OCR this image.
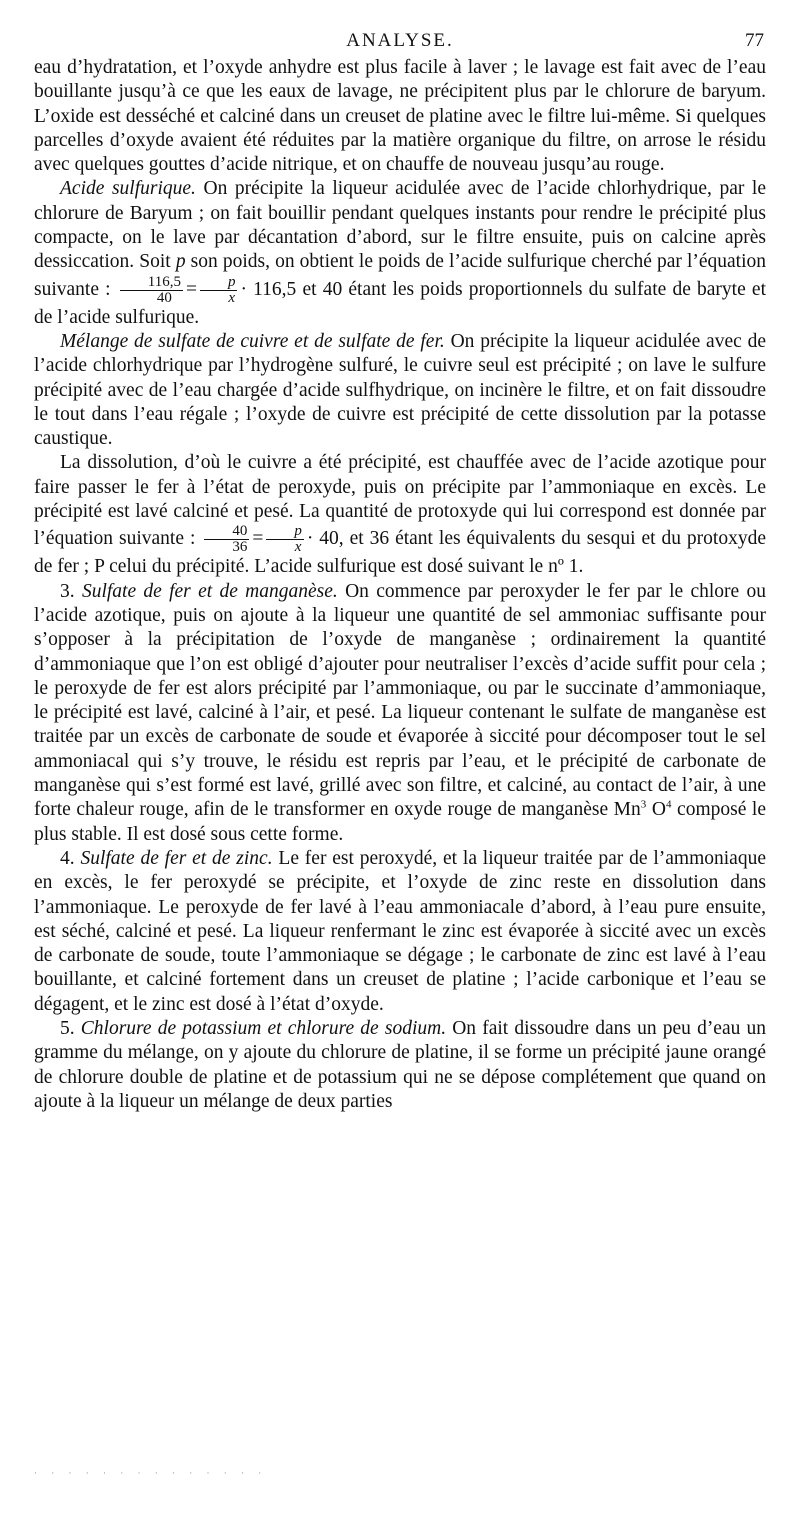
ANALYSE.	77

eau d’hydratation, et l’oxyde anhydre est plus facile à laver ; le lavage est fait avec de l’eau bouillante jusqu’à ce que les eaux de lavage, ne précipitent plus par le chlorure de baryum. L’oxide est desséché et calciné dans un creuset de platine avec le filtre lui-même. Si quelques parcelles d’oxyde avaient été réduites par la matière organique du filtre, on arrose le résidu avec quelques gouttes d’acide nitrique, et on chauffe de nouveau jusqu’au rouge.

Acide sulfurique. On précipite la liqueur acidulée avec de l’acide chlorhydrique, par le chlorure de Baryum ; on fait bouillir pendant quelques instants pour rendre le précipité plus compacte, on le lave par décantation d’abord, sur le filtre ensuite, puis on calcine après dessiccation. Soit p son poids, on obtient le poids de l’acide sulfurique cherché par l’équation suivante : $\frac{116,5}{40} = \frac{p}{x} \cdot 116,5$ et 40 étant les poids proportionnels du sulfate de baryte et de l’acide sulfurique.

Mélange de sulfate de cuivre et de sulfate de fer. On précipite la liqueur acidulée avec de l’acide chlorhydrique par l’hydrogène sulfuré, le cuivre seul est précipité ; on lave le sulfure précipité avec de l’eau chargée d’acide sulfhydrique, on incinère le filtre, et on fait dissoudre le tout dans l’eau régale ; l’oxyde de cuivre est précipité de cette dissolution par la potasse caustique.

La dissolution, d’où le cuivre a été précipité, est chauffée avec de l’acide azotique pour faire passer le fer à l’état de peroxyde, puis on précipite par l’ammoniaque en excès. Le précipité est lavé calciné et pesé. La quantité de protoxyde qui lui correspond est donnée par l’équation suivante : $\frac{40}{36} = \frac{p}{x} \cdot 40$, et 36 étant les équivalents du sesqui et du protoxyde de fer ; P celui du précipité. L’acide sulfurique est dosé suivant le nº 1.

3. Sulfate de fer et de manganèse. On commence par peroxyder le fer par le chlore ou l’acide azotique, puis on ajoute à la liqueur une quantité de sel ammoniac suffisante pour s’opposer à la précipitation de l’oxyde de manganèse ; ordinairement la quantité d’ammoniaque que l’on est obligé d’ajouter pour neutraliser l’excès d’acide suffit pour cela ; le peroxyde de fer est alors précipité par l’ammoniaque, ou par le succinate d’ammoniaque, le précipité est lavé, calciné à l’air, et pesé. La liqueur contenant le sulfate de manganèse est traitée par un excès de carbonate de soude et évaporée à siccité pour décomposer tout le sel ammoniacal qui s’y trouve, le résidu est repris par l’eau, et le précipité de carbonate de manganèse qui s’est formé est lavé, grillé avec son filtre, et calciné, au contact de l’air, à une forte chaleur rouge, afin de le transformer en oxyde rouge de manganèse Mn$^3$ $O^4$ composé le plus stable. Il est dosé sous cette forme.

4. Sulfate de fer et de zinc. Le fer est peroxydé, et la liqueur traitée par de l’ammoniaque en excès, le fer peroxydé se précipite, et l’oxyde de zinc reste en dissolution dans l’ammoniaque. Le peroxyde de fer lavé à l’eau ammoniacale d’abord, à l’eau pure ensuite, est séché, calciné et pesé. La liqueur renfermant le zinc est évaporée à siccité avec un excès de carbonate de soude, toute l’ammoniaque se dégage ; le carbonate de zinc est lavé à l’eau bouillante, et calciné fortement dans un creuset de platine ; l’acide carbonique et l’eau se dégagent, et le zinc est dosé à l’état d’oxyde.

5. Chlorure de potassium et chlorure de sodium. On fait dissoudre dans un peu d’eau un gramme du mélange, on y ajoute du chlorure de platine, il se forme un précipité jaune orangé de chlorure double de platine et de potassium qui ne se dépose complétement que quand on ajoute à la liqueur un mélange de deux parties

· · · · · · · · · · · · · ·
